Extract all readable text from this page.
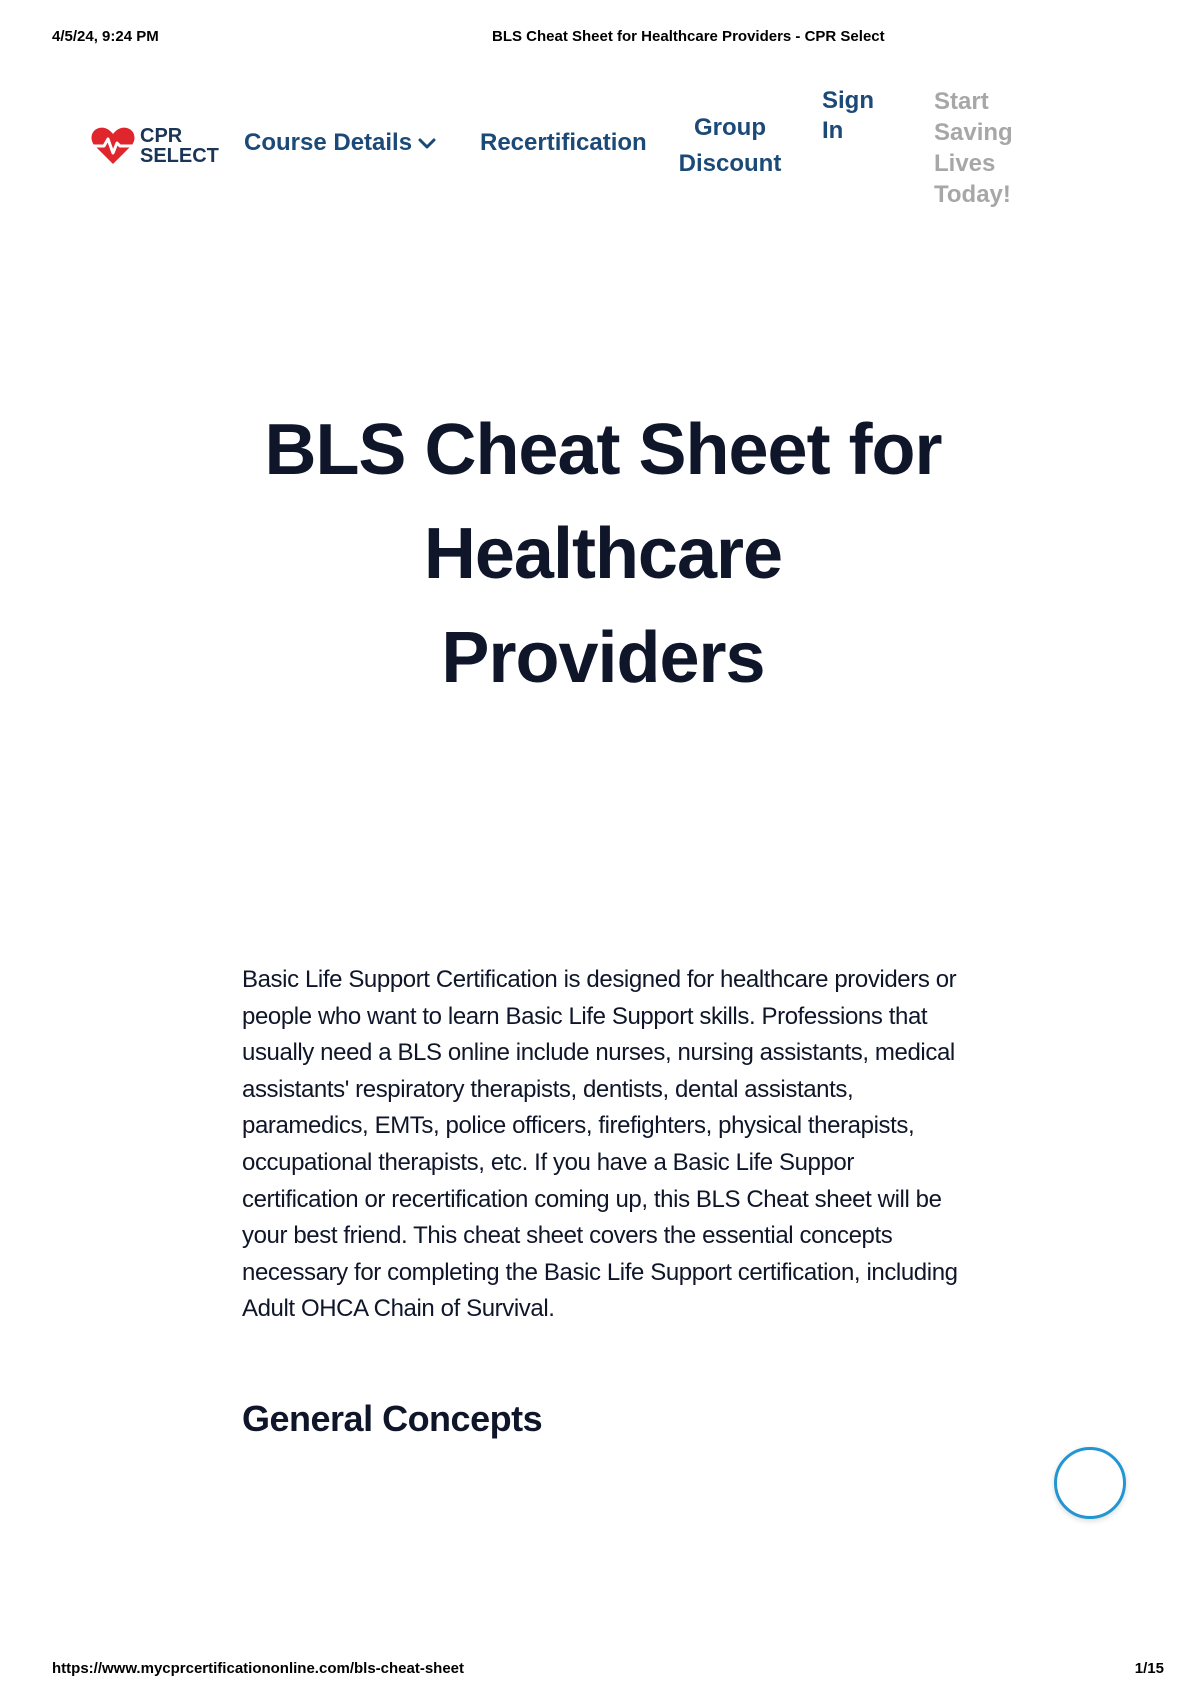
4/5/24, 9:24 PM	BLS Cheat Sheet for Healthcare Providers - CPR Select
CPR
SELECT Course Details	Recertification
Group
Discount
Sign
In
Start
Saving
Lives
Today!
BLS Cheat Sheet for
Healthcare
Providers

Basic Life Support Certification is designed for healthcare providers or people who want to learn Basic Life Support skills. Professions that usually need a BLS online include nurses, nursing assistants, medical assistants' respiratory therapists, dentists, dental assistants, paramedics, EMTs, police officers, firefighters, physical therapists, occupational therapists, etc. If you have a Basic Life Suppor certification or recertification coming up, this BLS Cheat sheet will be your best friend. This cheat sheet covers the essential concepts necessary for completing the Basic Life Support certification, including Adult OHCA Chain of Survival.

General Concepts
https://www.mycprcertificationonline.com/bls-cheat-sheet	1/15
